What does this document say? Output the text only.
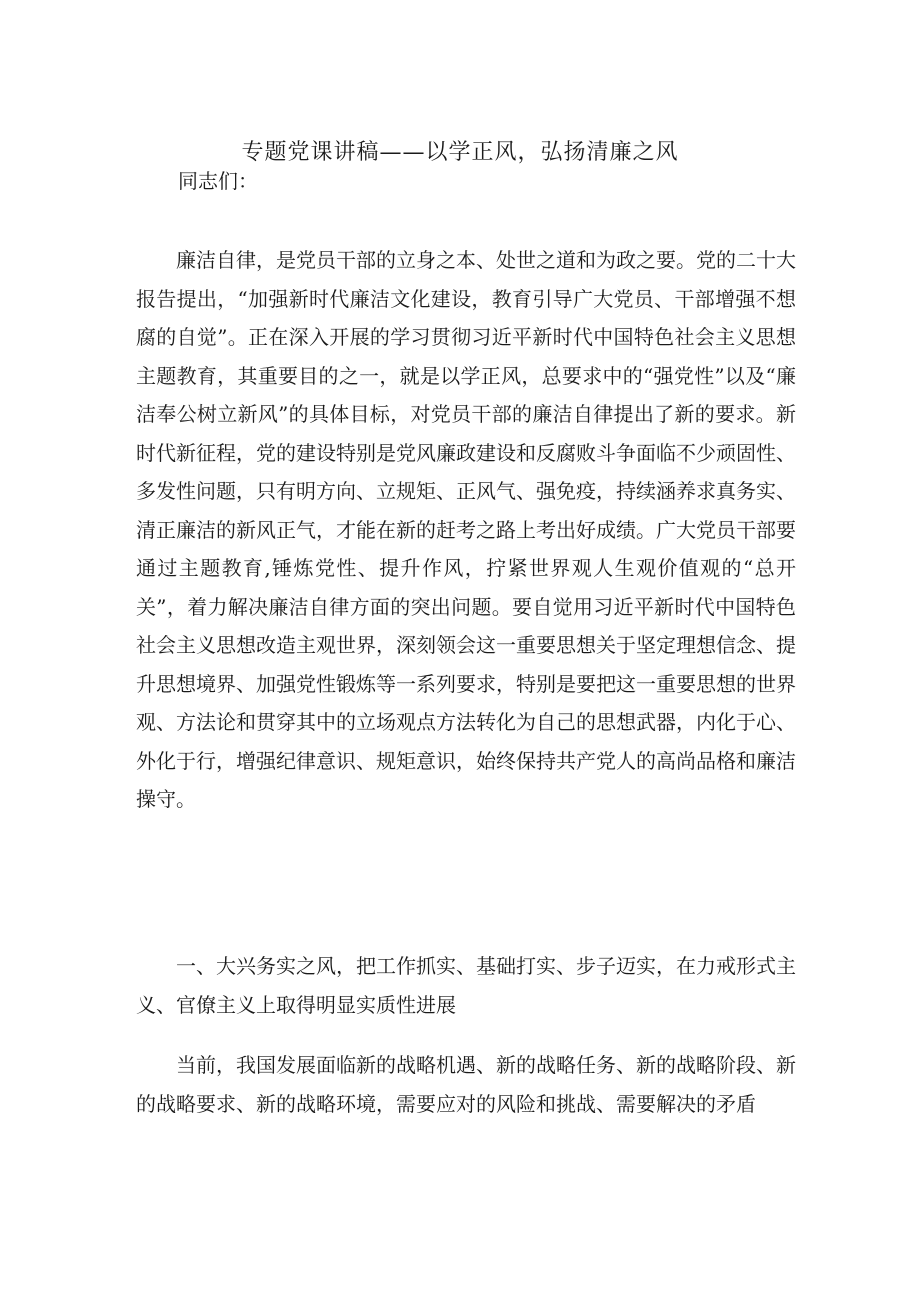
专题党课讲稿——以学正风，弘扬清廉之风
同志们：

廉洁自律，是党员干部的立身之本、处世之道和为政之要。党的二十大报告提出，“加强新时代廉洁文化建设，教育引导广大党员、干部增强不想腐的自觉”。正在深入开展的学习贯彻习近平新时代中国特色社会主义思想主题教育，其重要目的之一，就是以学正风，总要求中的“强党性”以及“廉洁奉公树立新风”的具体目标，对党员干部的廉洁自律提出了新的要求。新时代新征程，党的建设特别是党风廉政建设和反腐败斗争面临不少顽固性、多发性问题，只有明方向、立规矩、正风气、强免疫，持续涵养求真务实、清正廉洁的新风正气，才能在新的赶考之路上考出好成绩。广大党员干部要通过主题教育,锤炼党性、提升作风，拧紧世界观人生观价值观的“总开关”，着力解决廉洁自律方面的突出问题。要自觉用习近平新时代中国特色社会主义思想改造主观世界，深刻领会这一重要思想关于坚定理想信念、提升思想境界、加强党性锻炼等一系列要求，特别是要把这一重要思想的世界观、方法论和贯穿其中的立场观点方法转化为自己的思想武器，内化于心、外化于行，增强纪律意识、规矩意识，始终保持共产党人的高尚品格和廉洁操守。

一、大兴务实之风，把工作抓实、基础打实、步子迈实，在力戒形式主义、官僚主义上取得明显实质性进展

当前，我国发展面临新的战略机遇、新的战略任务、新的战略阶段、新的战略要求、新的战略环境，需要应对的风险和挑战、需要解决的矛盾
